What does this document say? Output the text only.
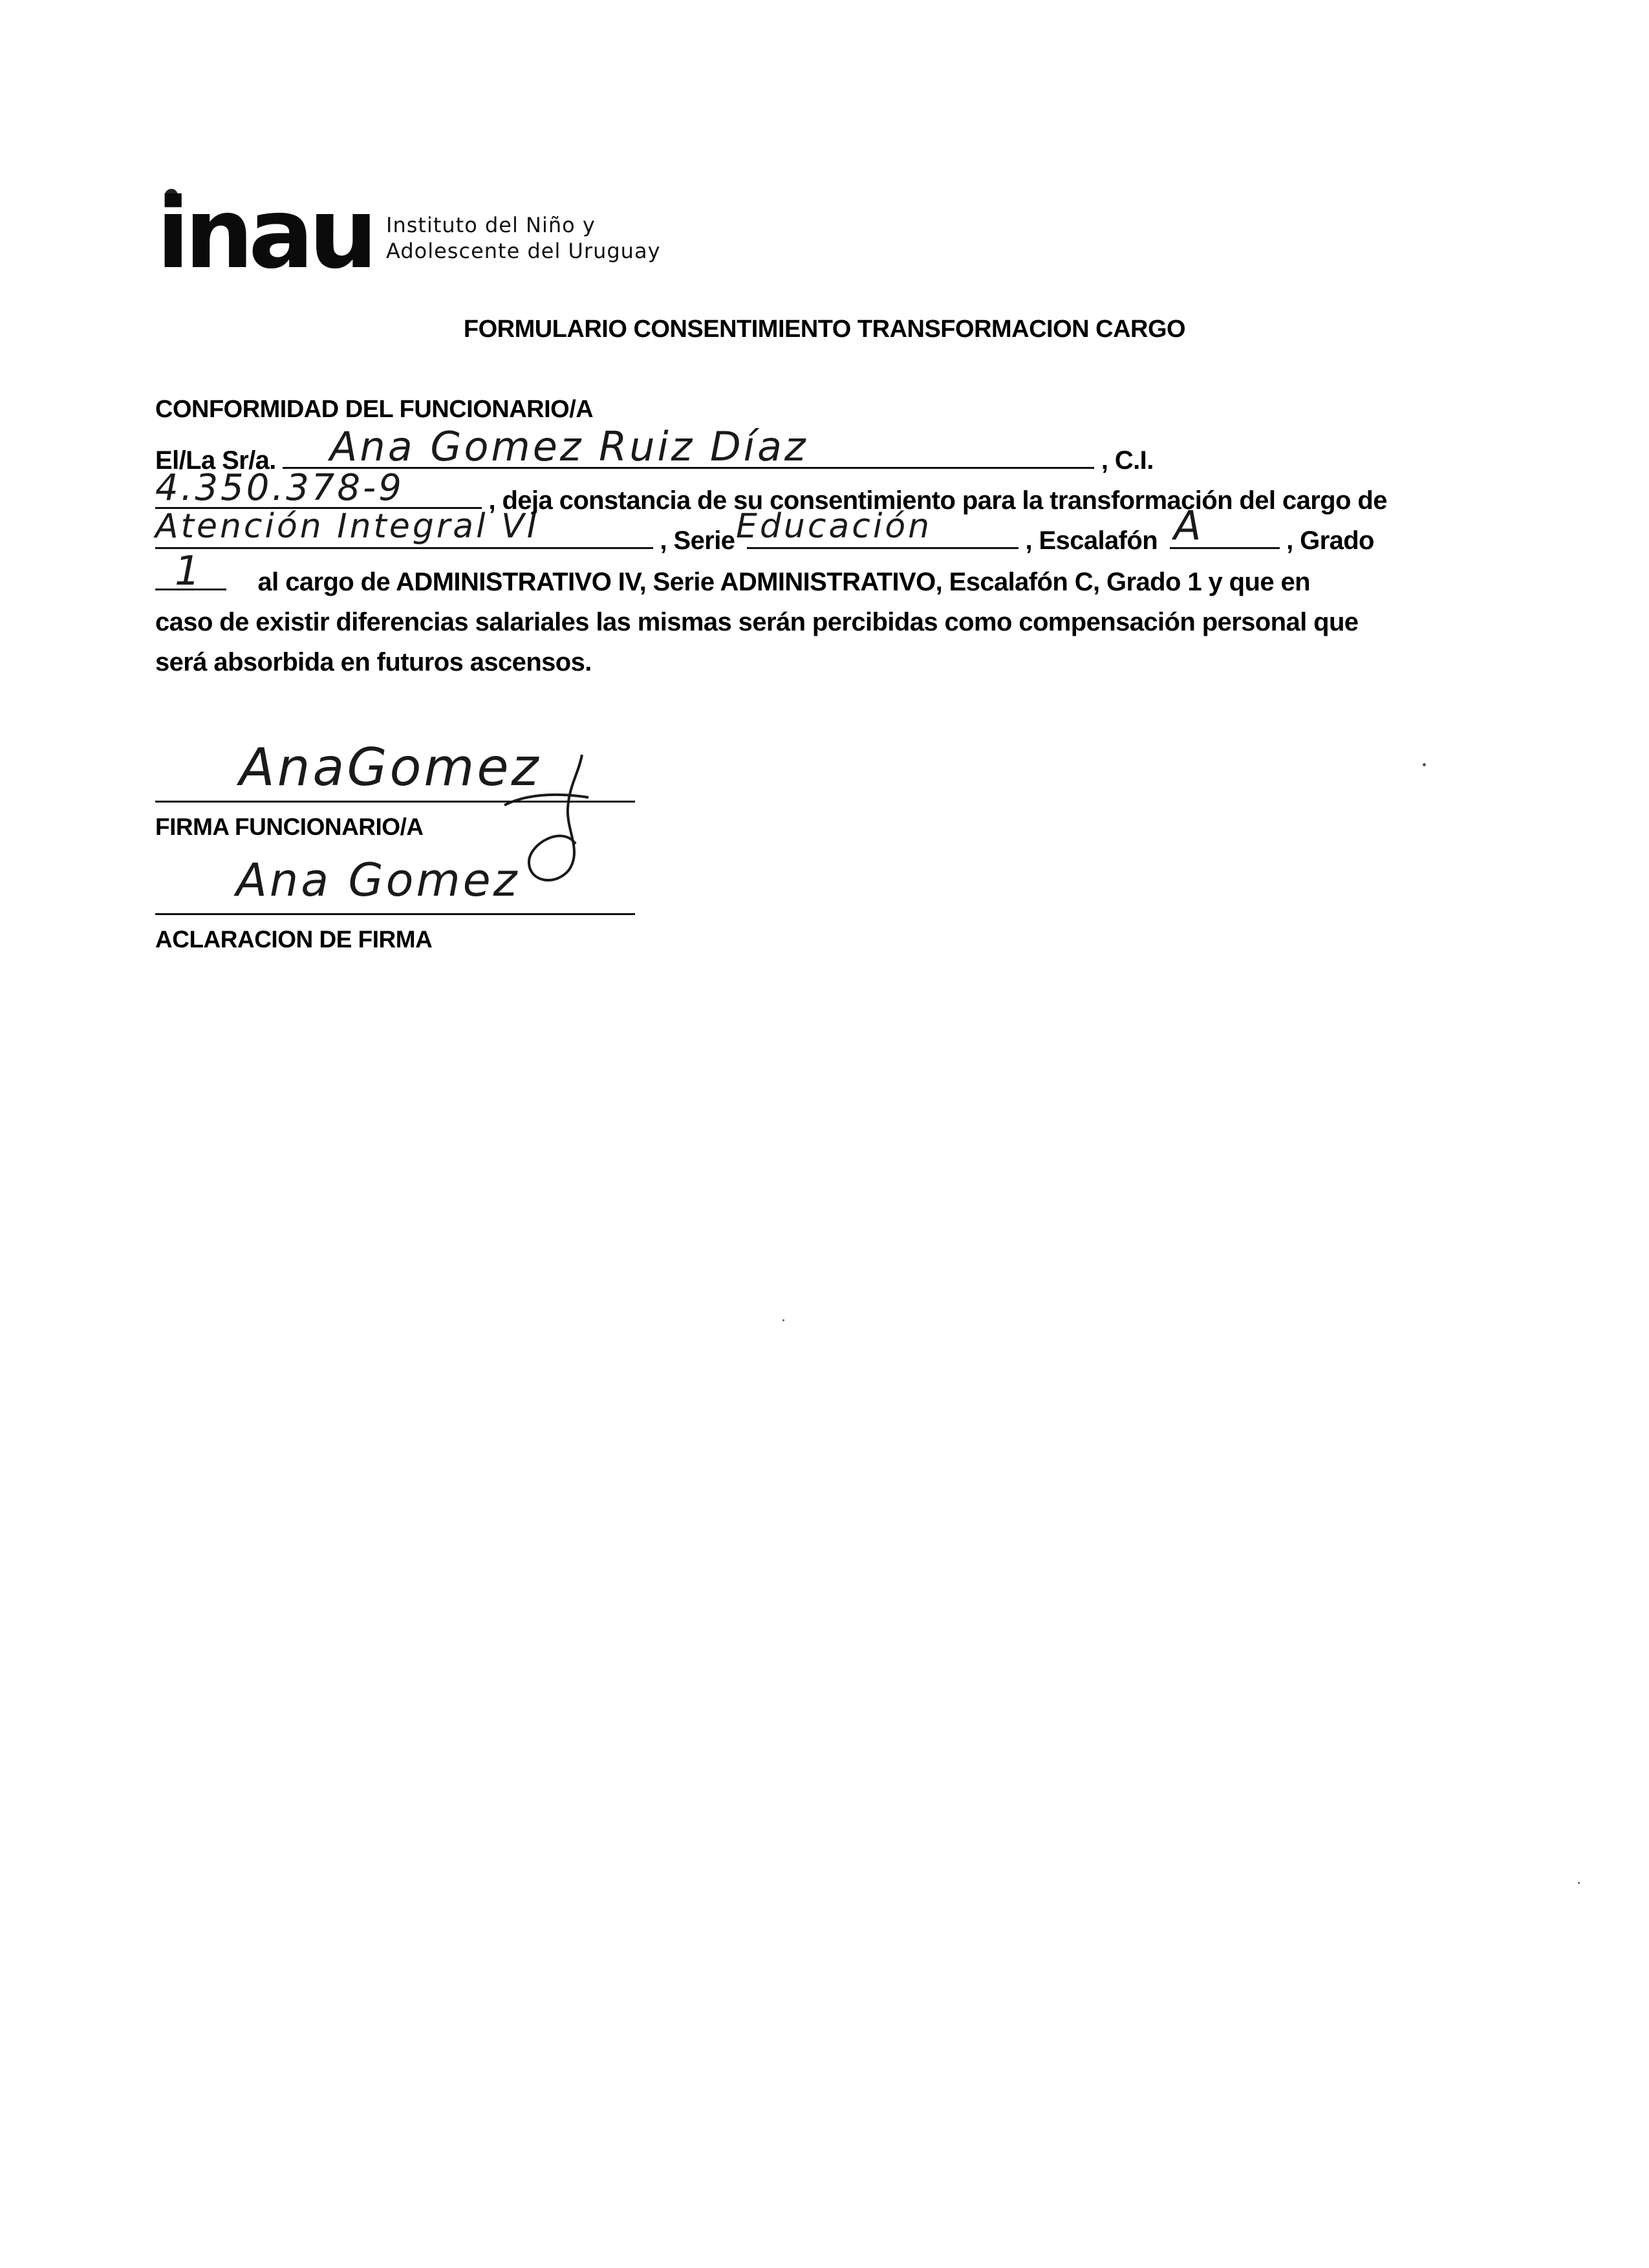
inau Instituto del Niño y
Adolescente del Uruguay
FORMULARIO CONSENTIMIENTO TRANSFORMACION CARGO
CONFORMIDAD DEL FUNCIONARIO/A
El/La Sr/a.	, C.I.
Ana Gomez Ruiz Díaz
, deja constancia de su consentimiento para la transformación del cargo de
4.350.378-9
, Serie	, Escalafón	, Grado
Atención Integral VI	Educación	A
al cargo de ADMINISTRATIVO IV, Serie ADMINISTRATIVO, Escalafón C, Grado 1 y que en
1
caso de existir diferencias salariales las mismas serán percibidas como compensación personal que
será absorbida en futuros ascensos.
AnaGomez
FIRMA FUNCIONARIO/A
Ana Gomez
ACLARACION DE FIRMA
